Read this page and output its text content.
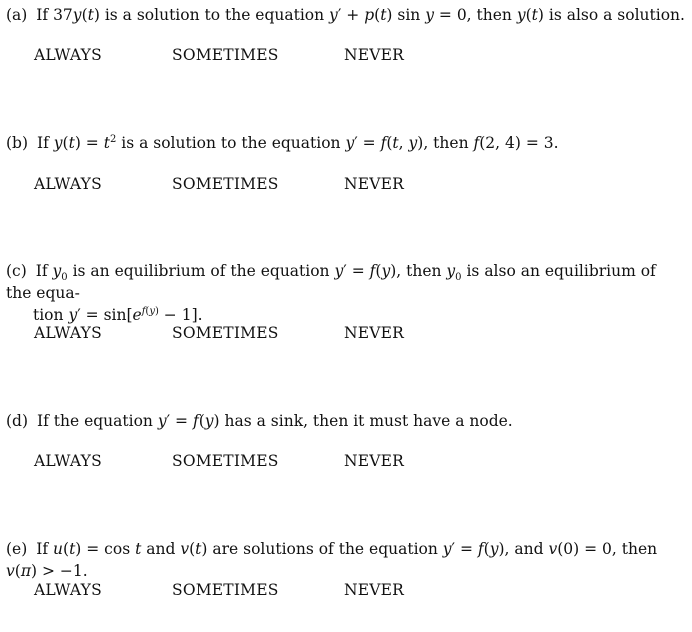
(a) If 37y(t) is a solution to the equation y′ + p(t) sin y = 0, then y(t) is also a solution.
ALWAYS	SOMETIMES	NEVER
(b) If $y(t) = t^2$ is a solution to the equation y′ = f(t, y), then f(2, 4) = 3.
ALWAYS	SOMETIMES	NEVER
(c) If $y_0$ is an equilibrium of the equation y′ = f(y), then $y_0$ is also an equilibrium of the equa-
tion $y' = \sin[e^{f(y)} - 1]$.
ALWAYS	SOMETIMES	NEVER
(d) If the equation y′ = f(y) has a sink, then it must have a node.
ALWAYS	SOMETIMES	NEVER
(e) If u(t) = cos t and v(t) are solutions of the equation y′ = f(y), and v(0) = 0, then v(π) > −1.
ALWAYS	SOMETIMES	NEVER
